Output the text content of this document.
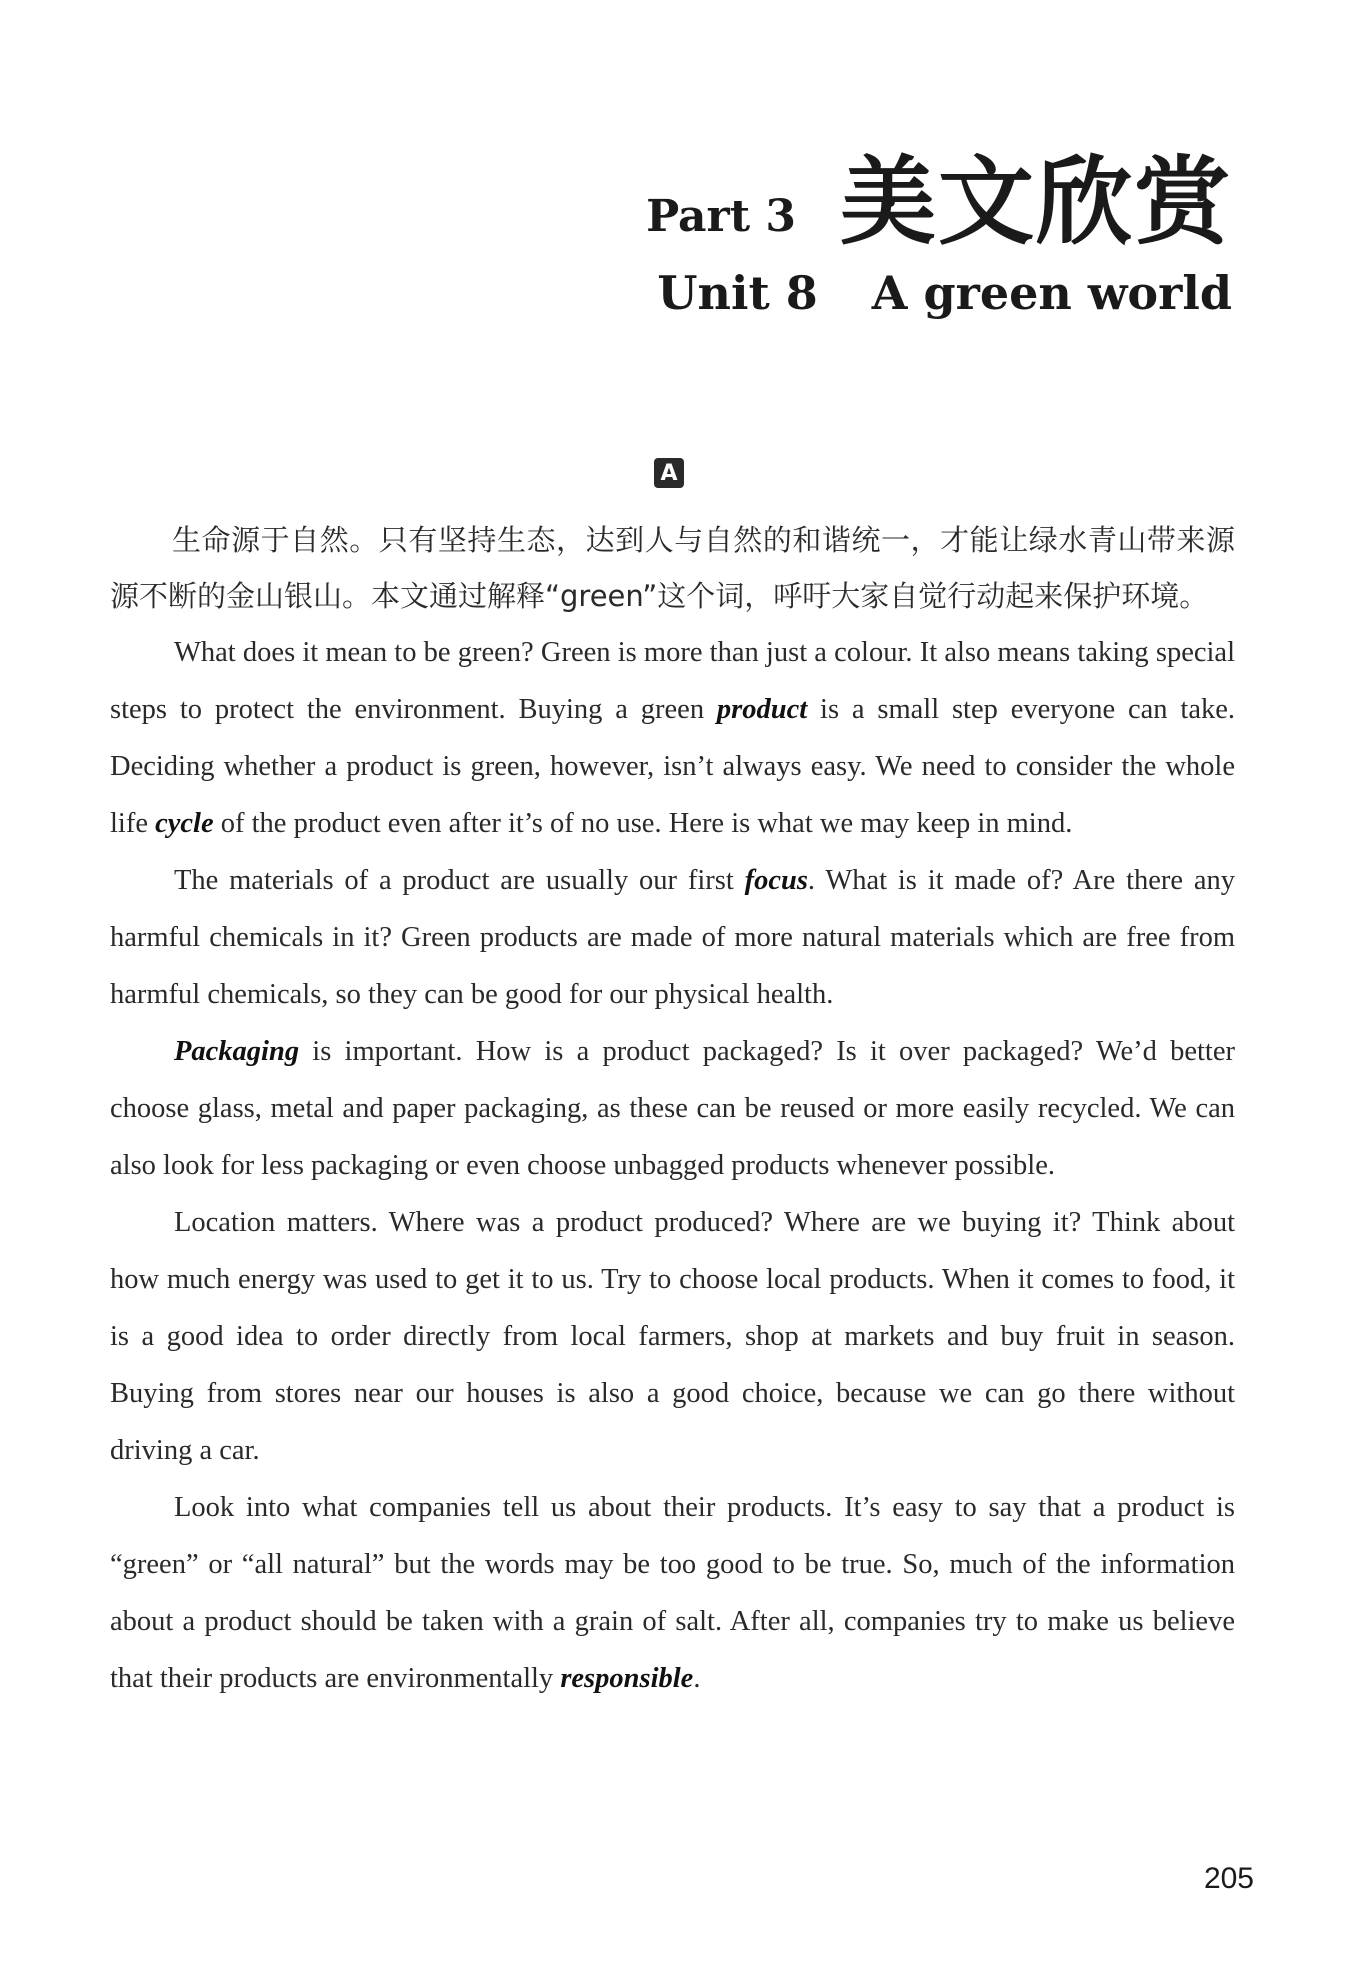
Part 3 美文欣赏
Unit 8 A green world
A

生命源于自然。只有坚持生态，达到人与自然的和谐统一，才能让绿水青山带来源源不断的金山银山。本文通过解释“green”这个词，呼吁大家自觉行动起来保护环境。

What does it mean to be green? Green is more than just a colour. It also means taking special steps to protect the environment. Buying a green product is a small step everyone can take. Deciding whether a product is green, however, isn’t always easy. We need to consider the whole life cycle of the product even after it’s of no use. Here is what we may keep in mind.

The materials of a product are usually our first focus. What is it made of? Are there any harmful chemicals in it? Green products are made of more natural materials which are free from harmful chemicals, so they can be good for our physical health.

Packaging is important. How is a product packaged? Is it over packaged? We’d better choose glass, metal and paper packaging, as these can be reused or more easily recycled. We can also look for less packaging or even choose unbagged products whenever possible.

Location matters. Where was a product produced? Where are we buying it? Think about how much energy was used to get it to us. Try to choose local products. When it comes to food, it is a good idea to order directly from local farmers, shop at markets and buy fruit in season. Buying from stores near our houses is also a good choice, because we can go there without driving a car.

Look into what companies tell us about their products. It’s easy to say that a product is “green” or “all natural” but the words may be too good to be true. So, much of the information about a product should be taken with a grain of salt. After all, companies try to make us believe that their products are environmentally responsible.

205
